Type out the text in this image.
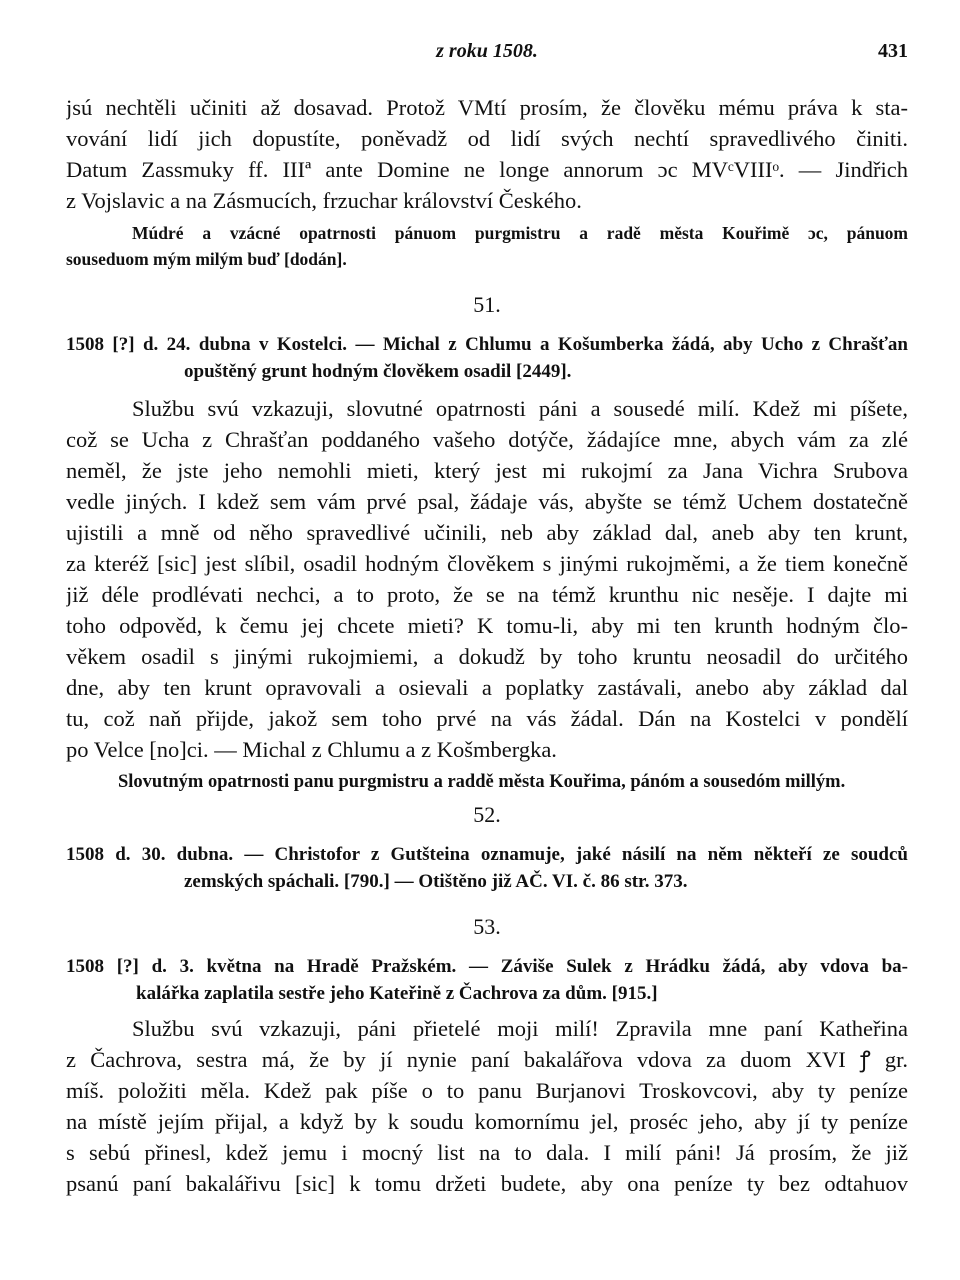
z roku 1508.	431
jsú nechtěli učiniti až dosavad. Protož VMtí prosím, že člověku mému práva k sta-
vování lidí jich dopustíte, poněvadž od lidí svých nechtí spravedlivého činiti.
Datum Zassmuky ff. IIIª ante Domine ne longe annorum ɔc MVᶜVIIIᵒ. — Jindřich
z Vojslavic a na Zásmucích, frzuchar království Českého.
Múdré a vzácné opatrnosti pánuom purgmistru a radě města Kouřimě ɔc, pánuom
souseduom mým milým buď [dodán].
51.
1508 [?] d. 24. dubna v Kostelci. — Michal z Chlumu a Košumberka žádá, aby Ucho z Chrašťan
opuštěný grunt hodným člověkem osadil [2449].
Službu svú vzkazuji, slovutné opatrnosti páni a sousedé milí. Kdež mi píšete,
což se Ucha z Chrašťan poddaného vašeho dotýče, žádajíce mne, abych vám za zlé
neměl, že jste jeho nemohli mieti, který jest mi rukojmí za Jana Vichra Srubova
vedle jiných. I kdež sem vám prvé psal, žádaje vás, abyšte se témž Uchem dostatečně
ujistili a mně od něho spravedlivé učinili, neb aby základ dal, aneb aby ten krunt,
za kteréž [sic] jest slíbil, osadil hodným člověkem s jinými rukojměmi, a že tiem konečně
již déle prodlévati nechci, a to proto, že se na témž krunthu nic nesěje. I dajte mi
toho odpověd, k čemu jej chcete mieti? K tomu-li, aby mi ten krunth hodným člo-
věkem osadil s jinými rukojmiemi, a dokudž by toho kruntu neosadil do určitého
dne, aby ten krunt opravovali a osievali a poplatky zastávali, anebo aby základ dal
tu, což naň přijde, jakož sem toho prvé na vás žádal. Dán na Kostelci v pondělí
po Velce [no]ci. — Michal z Chlumu a z Košmbergka.
Slovutným opatrnosti panu purgmistru a raddě města Kouřima, pánóm a sousedóm millým.
52.
1508 d. 30. dubna. — Christofor z Gutšteina oznamuje, jaké násilí na něm někteří ze soudců
zemských spáchali. [790.] — Otištěno již AČ. VI. č. 86 str. 373.
53.
1508 [?] d. 3. května na Hradě Pražském. — Záviše Sulek z Hrádku žádá, aby vdova ba-
kalářka zaplatila sestře jeho Kateřině z Čachrova za dům. [915.]
Službu svú vzkazuji, páni přietelé moji milí! Zpravila mne paní Katheřina
z Čachrova, sestra má, že by jí nynie paní bakalářova vdova za duom XVI ꝭ gr.
míš. položiti měla. Kdež pak píše o to panu Burjanovi Troskovcovi, aby ty peníze
na místě jejím přijal, a když by k soudu komornímu jel, proséc jeho, aby jí ty peníze
s sebú přinesl, kdež jemu i mocný list na to dala. I milí páni! Já prosím, že již
psanú paní bakalářivu [sic] k tomu držeti budete, aby ona peníze ty bez odtahuov
